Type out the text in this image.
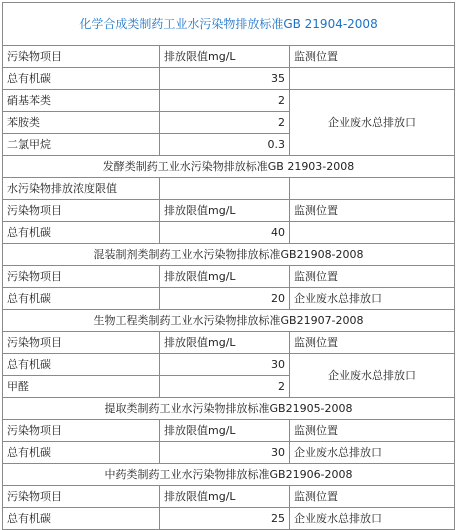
化学合成类制药工业水污染物排放标准GB 21904-2008		
污染物项目	排放限值mg/L	监测位置
总有机碳	35	
硝基苯类	2	企业废水总排放口
苯胺类	2	
二氯甲烷	0.3	
发酵类制药工业水污染物排放标准GB 21903-2008		
水污染物排放浓度限值		
污染物项目	排放限值mg/L	监测位置
总有机碳	40	
混装制剂类制药工业水污染物排放标准GB21908-2008		
污染物项目	排放限值mg/L	监测位置
总有机碳	20	企业废水总排放口
生物工程类制药工业水污染物排放标准GB21907-2008		
污染物项目	排放限值mg/L	监测位置
总有机碳	30	企业废水总排放口
甲醛	2	
提取类制药工业水污染物排放标准GB21905-2008		
污染物项目	排放限值mg/L	监测位置
总有机碳	30	企业废水总排放口
中药类制药工业水污染物排放标准GB21906-2008		
污染物项目	排放限值mg/L	监测位置
总有机碳	25	企业废水总排放口
